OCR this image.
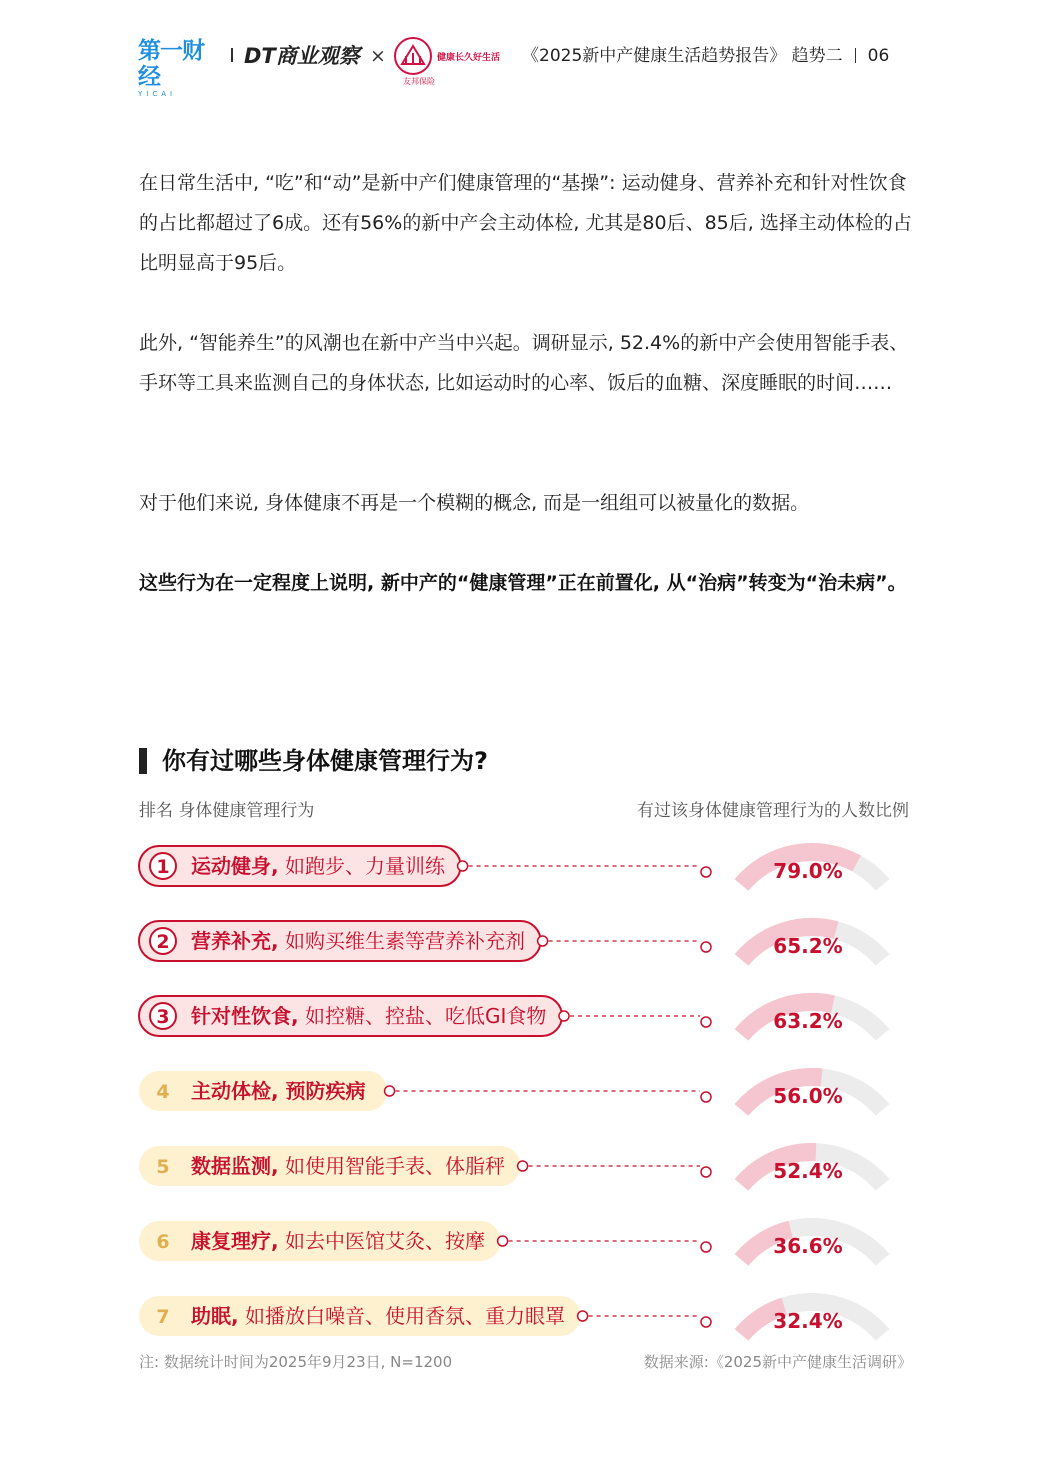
第一财经
YICAI
DT商业观察 ×	健康长久好生活
友邦保险
《2025新中产健康生活趋势报告》 趋势二 06
在日常生活中, “吃”和“动”是新中产们健康管理的“基操”: 运动健身、营养补充和针对性饮食的占比都超过了6成。还有56%的新中产会主动体检, 尤其是80后、85后, 选择主动体检的占比明显高于95后。
此外, “智能养生”的风潮也在新中产当中兴起。调研显示, 52.4%的新中产会使用智能手表、手环等工具来监测自己的身体状态, 比如运动时的心率、饭后的血糖、深度睡眠的时间……
对于他们来说, 身体健康不再是一个模糊的概念, 而是一组组可以被量化的数据。
这些行为在一定程度上说明, 新中产的“健康管理”正在前置化, 从“治病”转变为“治未病”。
你有过哪些身体健康管理行为?
排名 身体健康管理行为	有过该身体健康管理行为的人数比例
1 运动健身, 如跑步、力量训练	79.0%
2 营养补充, 如购买维生素等营养补充剂	65.2%
3 针对性饮食, 如控糖、控盐、吃低GI食物	63.2%
4 主动体检, 预防疾病	56.0%
5 数据监测, 如使用智能手表、体脂秤	52.4%
6 康复理疗, 如去中医馆艾灸、按摩	36.6%
7 助眠, 如播放白噪音、使用香氛、重力眼罩	32.4%
注: 数据统计时间为2025年9月23日, N=1200	数据来源:《2025新中产健康生活调研》
